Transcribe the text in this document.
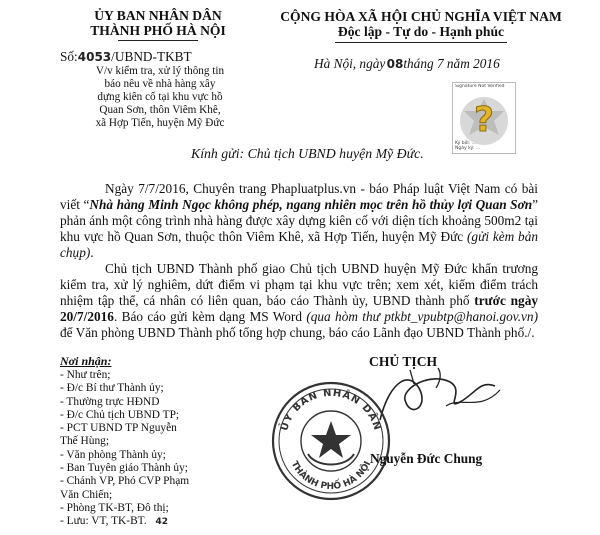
ỦY BAN NHÂN DÂN
THÀNH PHỐ HÀ NỘI
Số:4053/UBND-TKBT
V/v kiểm tra, xử lý thông tin
báo nêu về nhà hàng xây
dựng kiên cố tại khu vực hồ
Quan Sơn, thôn Viêm Khê,
xã Hợp Tiến, huyện Mỹ Đức
CỘNG HÒA XÃ HỘI CHỦ NGHĨA VIỆT NAM
Độc lập - Tự do - Hạnh phúc
Hà Nội, ngày 08tháng 7 năm 2016
Signature Not Verified
?
Ký bởi: ...
Ngày ký: ...
Kính gửi: Chủ tịch UBND huyện Mỹ Đức.
Ngày 7/7/2016, Chuyên trang Phapluatplus.vn - báo Pháp luật Việt Nam có bài viết “Nhà hàng Minh Ngọc không phép, ngang nhiên mọc trên hồ thủy lợi Quan Sơn” phản ánh một công trình nhà hàng được xây dựng kiên cố với diện tích khoảng 500m2 tại khu vực hồ Quan Sơn, thuộc thôn Viêm Khê, xã Hợp Tiến, huyện Mỹ Đức (gửi kèm bản chụp).
Chủ tịch UBND Thành phố giao Chủ tịch UBND huyện Mỹ Đức khẩn trương kiểm tra, xử lý nghiêm, dứt điểm vi phạm tại khu vực trên; xem xét, kiểm điểm trách nhiệm tập thể, cá nhân có liên quan, báo cáo Thành ủy, UBND thành phố trước ngày 20/7/2016. Báo cáo gửi kèm dạng MS Word (qua hòm thư ptkbt_vpubtp@hanoi.gov.vn) để Văn phòng UBND Thành phố tổng hợp chung, báo cáo Lãnh đạo UBND Thành phố./.
Nơi nhận:
- Như trên;
- Đ/c Bí thư Thành ủy;
- Thường trực HĐND
- Đ/c Chủ tịch UBND TP;
- PCT UBND TP Nguyễn
Thế Hùng;
- Văn phòng Thành ủy;
- Ban Tuyên giáo Thành ủy;
- Chánh VP, Phó CVP Phạm
Văn Chiến;
- Phòng TK-BT, Đô thị;
- Lưu: VT, TK-BT. 42
CHỦ TỊCH
ỦY BAN NHÂN DÂN
THÀNH PHỐ HÀ NỘI
Nguyễn Đức Chung
